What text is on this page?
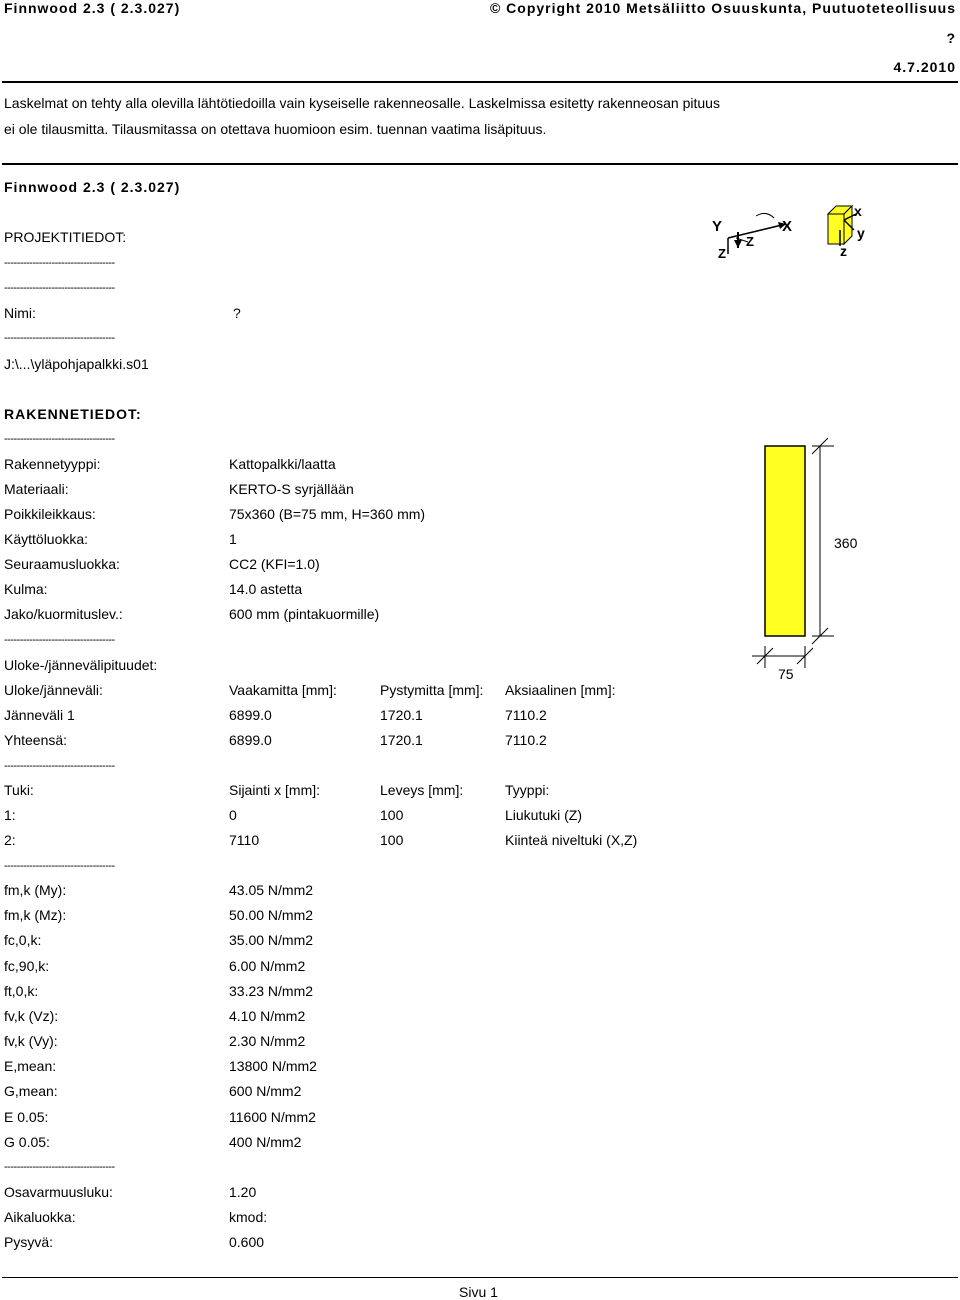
Finnwood 2.3 ( 2.3.027)	© Copyright 2010 Metsäliitto Osuuskunta, Puutuoteteollisuus
?
4.7.2010
Laskelmat on tehty alla olevilla lähtötiedoilla vain kyseiselle rakenneosalle. Laskelmissa esitetty rakenneosan pituus
ei ole tilausmitta. Tilausmitassa on otettava huomioon esim. tuennan vaatima lisäpituus.
Finnwood 2.3 ( 2.3.027)
PROJEKTITIEDOT:
-----------------------------------
-----------------------------------
Nimi:	?
-----------------------------------
J:\...\yläpohjapalkki.s01
Y	X
Z
Z
x
y
z
RAKENNETIEDOT:
-----------------------------------
Rakennetyyppi:	Kattopalkki/laatta
Materiaali:	KERTO-S syrjällään
Poikkileikkaus:	75x360 (B=75 mm, H=360 mm)
Käyttöluokka:	1
Seuraamusluokka:	CC2 (KFI=1.0)
Kulma:	14.0 astetta
Jako/kuormituslev.:	600 mm (pintakuormille)
-----------------------------------
360
75
Uloke-/jännevälipituudet:
Uloke/jänneväli:	Vaakamitta [mm]:	Pystymitta [mm]: Aksiaalinen [mm]:
Jänneväli 1	6899.0	1720.1	7110.2
Yhteensä:	6899.0	1720.1	7110.2
-----------------------------------
Tuki:	Sijainti x [mm]:	Leveys [mm]:	Tyyppi:
1:	0	100	Liukutuki (Z)
2:	7110	100	Kiinteä niveltuki (X,Z)
-----------------------------------
fm,k (My):	43.05 N/mm2
fm,k (Mz):	50.00 N/mm2
fc,0,k:	35.00 N/mm2
fc,90,k:	6.00 N/mm2
ft,0,k:	33.23 N/mm2
fv,k (Vz):	4.10 N/mm2
fv,k (Vy):	2.30 N/mm2
E,mean:	13800 N/mm2
G,mean:	600 N/mm2
E 0.05:	11600 N/mm2
G 0.05:	400 N/mm2
-----------------------------------
Osavarmuusluku:	1.20
Aikaluokka:	kmod:
Pysyvä:	0.600
Sivu 1
